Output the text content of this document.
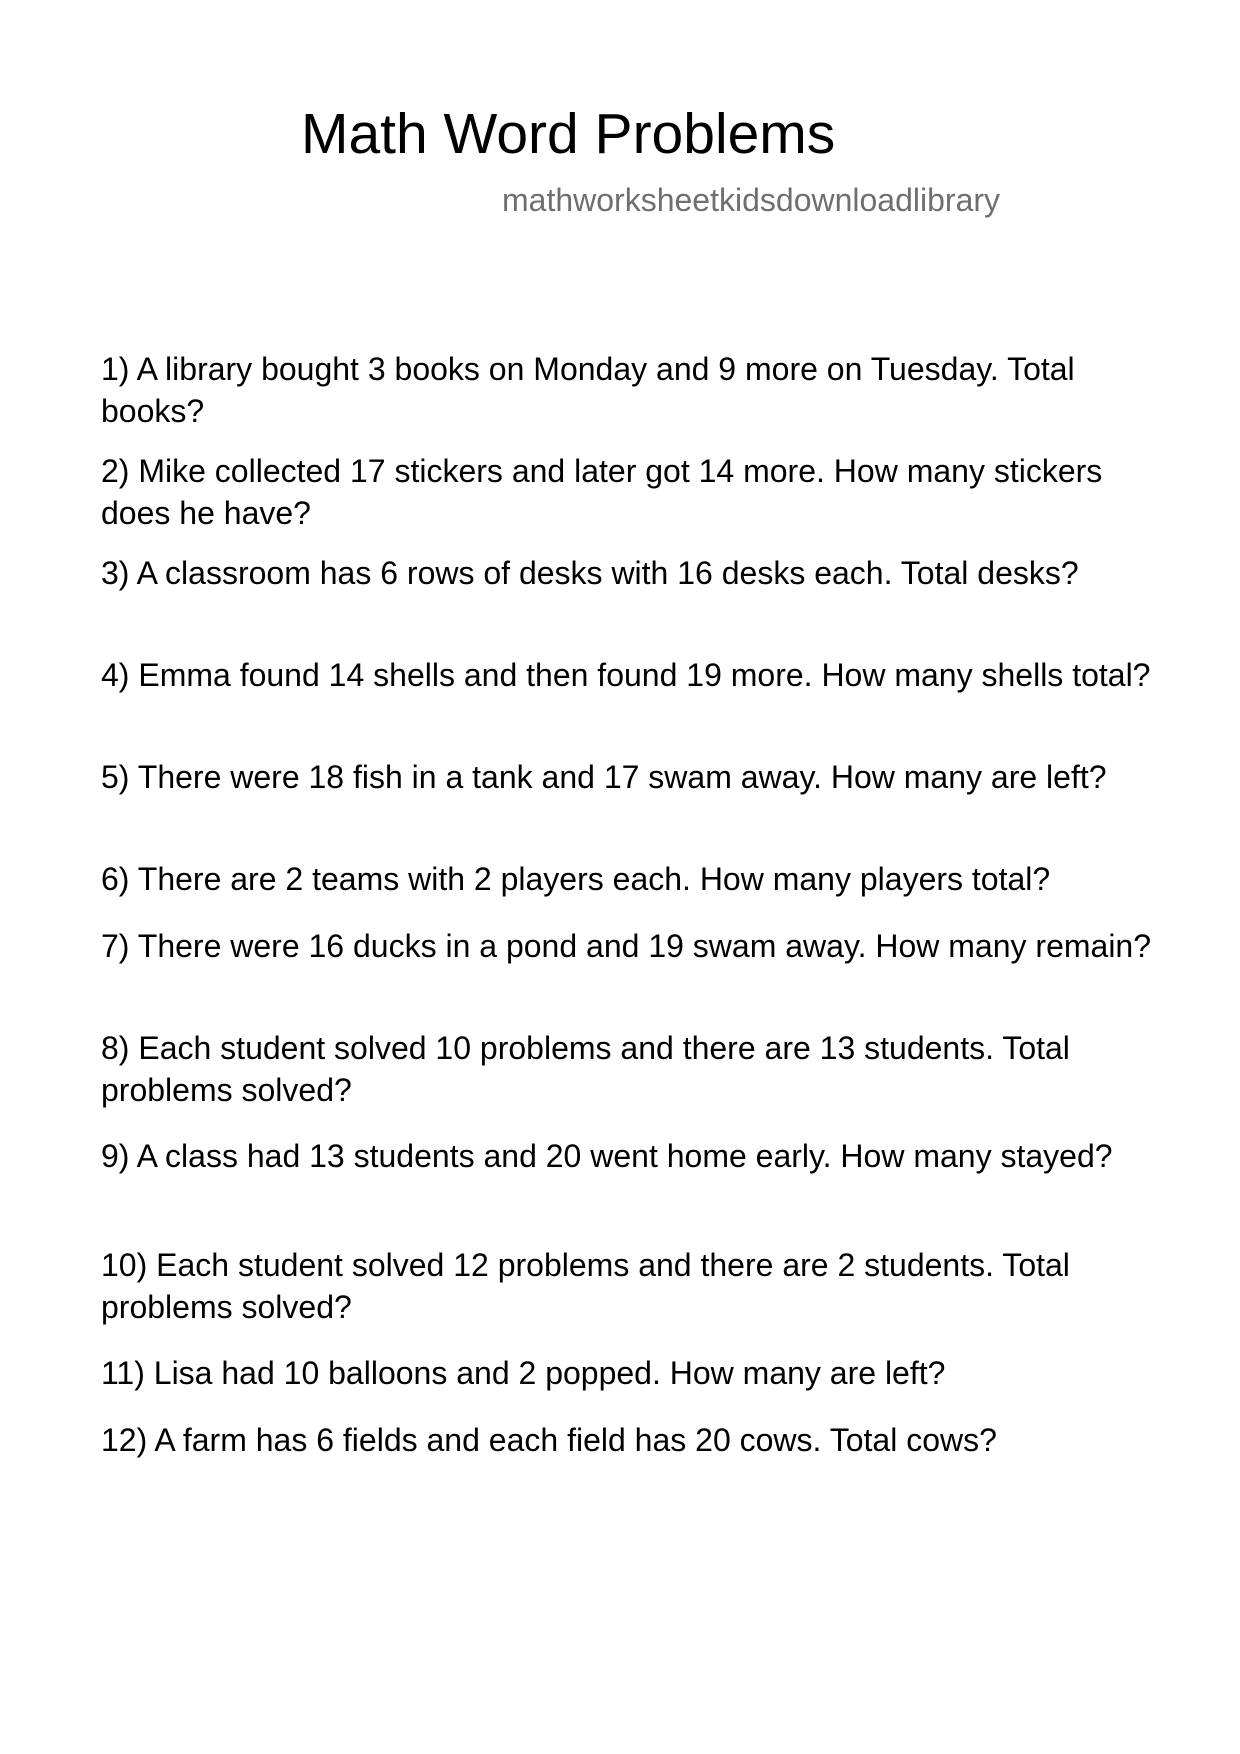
Math Word Problems
mathworksheetkidsdownloadlibrary

1) A library bought 3 books on Monday and 9 more on Tuesday. Total books?

2) Mike collected 17 stickers and later got 14 more. How many stickers does he have?

3) A classroom has 6 rows of desks with 16 desks each. Total desks?

4) Emma found 14 shells and then found 19 more. How many shells total?

5) There were 18 fish in a tank and 17 swam away. How many are left?

6) There are 2 teams with 2 players each. How many players total?

7) There were 16 ducks in a pond and 19 swam away. How many remain?

8) Each student solved 10 problems and there are 13 students. Total problems solved?

9) A class had 13 students and 20 went home early. How many stayed?

10) Each student solved 12 problems and there are 2 students. Total problems solved?

11) Lisa had 10 balloons and 2 popped. How many are left?

12) A farm has 6 fields and each field has 20 cows. Total cows?
